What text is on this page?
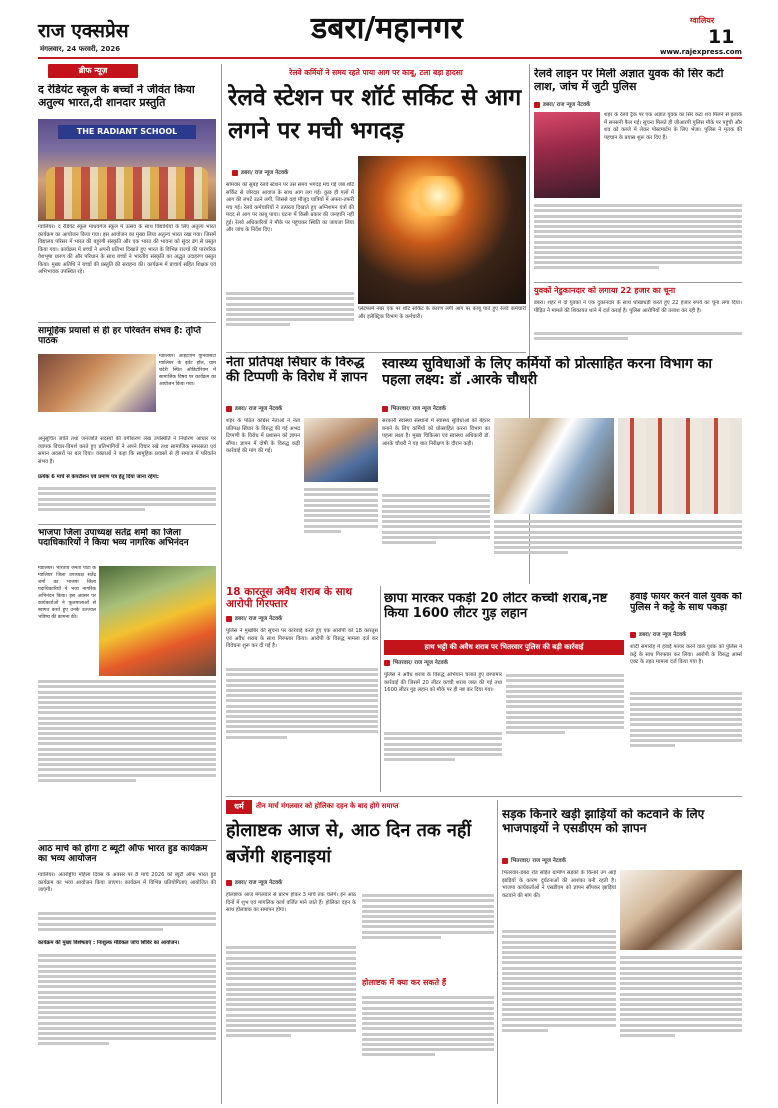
राज एक्सप्रेस
मंगलवार, 24 फरवरी, 2026
डबरा/महानगर	ग्वालियर
11
www.rajexpress.com
ब्रीफ न्यूज़
द रेडियंट स्कूल के बच्चों ने जीवंत किया अतुल्य भारत,दी शानदार प्रस्तुति
THE RADIANT SCHOOL
ग्वालियर। द रेडियंट स्कूल माधवगंज स्कूल में उत्सव के साथ विद्यार्थियों के लिए अतुल्य भारत कार्यक्रम का आयोजन किया गया। इस आयोजन का मुख्य लिया अतुल्य भारत रखा गया। जिसमें विद्यालय परिसर में भारत की बहुरंगी संस्कृति और एक भारत की भावना को सुंदर ढंग से प्रस्तुत किया गया। कार्यक्रम में बच्चों ने अपनी प्रतिभा दिखाते हुए भारत के विभिन्न राज्यों की पारंपरिक वेशभूषा धारण की और परिधान के साथ बच्चों ने भारतीय संस्कृति का अद्भुत उदाहरण प्रस्तुत किया। मुख्य अतिथि ने बच्चों की प्रस्तुति की सराहना की। कार्यक्रम में प्राचार्य सहित शिक्षक एवं अभिभावक उपस्थित रहे।
सामूहिक प्रयासों से ही हर परिवर्तन संभव है: तृप्ति पाठक
ग्वालियर। आईटीएम यूनिवर्सिटी ग्वालियर के इवेंट हॉल, ग्राम चंदेरी स्थित ऑडिटोरियम में सामाजिक विषय पर कार्यक्रम का आयोजन किया गया।
अनुसूचित जाति तथा जनजाति सदस्यों की वर्गीकरण लेख उपस्थिति ने निर्धारण आधार पर व्यापक विचार-विमर्श करते हुए प्रतिभागियों ने अपने विचार रखे तथा सामाजिक समरसता एवं समान अवसरों पर बल दिया। वक्ताओं ने कहा कि सामूहिक प्रयासों से ही समाज में परिवर्तन संभव है।
प्रत्येक 6 मार्च से कंपटीशन एवं प्रमाण पत्र हेतु दिया जाना रहेगा:
भाजपा जिला उपाध्यक्ष सतेंद्र शर्मा का जिला पदाधिकारियों ने किया भव्य नागरिक अभिनंदन
ग्वालियर। भारतीय जनता पार्टी के ग्वालियर जिला उपाध्यक्ष सतेंद्र शर्मा का भाजपा जिला पदाधिकारियों ने भव्य नागरिक अभिनंदन किया। इस अवसर पर कार्यकर्ताओं ने फूलमालाओं से स्वागत करते हुए उनके उज्ज्वल भविष्य की कामना की।
आठ मार्च को होगा ट ब्यूटी ऑफ भारत हुड कार्यक्रम का भव्य आयोजन
ग्वालियर। अंतर्राष्ट्रीय महिला दिवस के अवसर पर 8 मार्च 2026 को ब्यूटी ऑफ भारत हुड कार्यक्रम का भव्य आयोजन किया जाएगा। कार्यक्रम में विभिन्न प्रतियोगिताएं आयोजित की जाएंगी।
कार्यक्रम की मुख्य विशेषताएं : निःशुल्क मेडिकल जांच शिविर का आयोजन।
रेलवे कर्मियों ने समय रहते पाया आग पर काबू, टला बड़ा हादसा
रेलवे स्टेशन पर शॉर्ट सर्किट से आग लगने पर मची भगदड़
डबरा/ राज न्यूज नेटवर्क
सोमवार को सुबह रेलवे स्टेशन पर उस समय भगदड़ मच गई जब शॉर्ट सर्किट से जोरदार आवाज के साथ आग लग गई। कुछ ही पलों में आग की लपटें उठने लगीं, जिससे वहां मौजूद यात्रियों में अफरा-तफरी मच गई। रेलवे कर्मचारियों ने तत्परता दिखाते हुए अग्निशमन यंत्रों की मदद से आग पर काबू पाया। घटना में किसी प्रकार की जनहानि नहीं हुई। रेलवे अधिकारियों ने मौके पर पहुंचकर स्थिति का जायजा लिया और जांच के निर्देश दिए।
प्लेटफार्म नंबर एक पर शॉर्ट सर्किट के कारण लगी आग पर काबू पाते हुए रेलवे कर्मचारी और इलेक्ट्रिक विभाग के कर्मचारी।
रेलवे लाइन पर मिली अज्ञात युवक की सिर कटी लाश, जांच में जुटी पुलिस
डबरा/ राज न्यूज नेटवर्क
शहर के रेलवे ट्रैक पर एक अज्ञात युवक का सिर कटा शव मिलने से इलाके में सनसनी फैल गई। सूचना मिलते ही जीआरपी पुलिस मौके पर पहुंची और शव को कब्जे में लेकर पोस्टमार्टम के लिए भेजा। पुलिस ने मृतक की पहचान के प्रयास शुरू कर दिए हैं।
युवकों नेडुकानदार को लगाया 22 हजार का चूना
डबरा। शहर में दो युवकों ने एक दुकानदार के साथ धोखाधड़ी करते हुए 22 हजार रुपये का चूना लगा दिया। पीड़ित ने मामले की शिकायत थाने में दर्ज कराई है। पुलिस आरोपियों की तलाश कर रही है।
नेता प्रतिपक्ष सिंघार के विरुद्ध की टिप्पणी के विरोध में ज्ञापन
डबरा/ राज न्यूज नेटवर्क
शहर के पठित कांग्रेस नेताओं ने नेता प्रतिपक्ष सिंघार के विरुद्ध की गई अभद्र टिप्पणी के विरोध में प्रशासन को ज्ञापन सौंपा। ज्ञापन में दोषी के विरुद्ध कड़ी कार्रवाई की मांग की गई।
स्वास्थ्य सुविधाओं के लिए कर्मियों को प्रोत्साहित करना विभाग का पहला लक्ष्य: डॉ .आरके चौधरी
भितरवार/ राज न्यूज नेटवर्क
सरकारी स्वास्थ्य संस्थानों में स्वास्थ्य सुविधाओं को बेहतर बनाने के लिए कर्मियों को प्रोत्साहित करना विभाग का पहला लक्ष्य है। मुख्य चिकित्सा एवं स्वास्थ्य अधिकारी डॉ. आरके चौधरी ने यह बात निरीक्षण के दौरान कही।
18 कारतूस अवैध शराब के साथ आरोपी गिरफ्तार
डबरा/ राज न्यूज नेटवर्क
पुलिस ने मुखबिर की सूचना पर कार्रवाई करते हुए एक आरोपी को 18 कारतूस एवं अवैध शराब के साथ गिरफ्तार किया। आरोपी के विरुद्ध मामला दर्ज कर विवेचना शुरू कर दी गई है।
छापा मारकर पकड़ी 20 लीटर कच्ची शराब,नष्ट किया 1600 लीटर गुड़ लहान
हाथ भट्टी की अवैध शराब पर भितरवार पुलिस की बड़ी कार्रवाई
भितरवार/ राज न्यूज नेटवर्क
पुलिस ने अवैध शराब के विरुद्ध अभियान चलाते हुए छापामार कार्रवाई की जिसमें 20 लीटर कच्ची शराब जब्त की गई तथा 1600 लीटर गुड़ लहान को मौके पर ही नष्ट कर दिया गया।
हवाई फायर करने वाले युवक को पुलिस ने कट्टे के साथ पकड़ा
डबरा/ राज न्यूज नेटवर्क
शादी समारोह में हवाई फायर करने वाले युवक को पुलिस ने कट्टे के साथ गिरफ्तार कर लिया। आरोपी के विरुद्ध आर्म्स एक्ट के तहत मामला दर्ज किया गया है।
धर्म	तीन मार्च मंगलवार को होलिका दहन के बाद होगे समाप्त
होलाष्टक आज से, आठ दिन तक नहीं बजेंगी शहनाइयां
डबरा/ राज न्यूज नेटवर्क
होलाष्टक आज मंगलवार से प्रारंभ होकर 3 मार्च तक चलेंगे। इन आठ दिनों में शुभ एवं मांगलिक कार्य वर्जित माने जाते हैं। होलिका दहन के साथ होलाष्टक का समापन होगा।
होलाष्टक में क्या कर सकते हैं
सड़क किनारे खड़ी झाड़ियों को कटवाने के लिए भाजपाइयों ने एसडीएम को ज्ञापन
भितरवार/ राज न्यूज नेटवर्क
भितरवार-डबरा रोड सहित ग्रामीण सड़कों के किनारे उग आई झाड़ियों के कारण दुर्घटनाओं की आशंका बनी रहती है। भाजपा कार्यकर्ताओं ने एसडीएम को ज्ञापन सौंपकर झाड़ियां कटवाने की मांग की।
